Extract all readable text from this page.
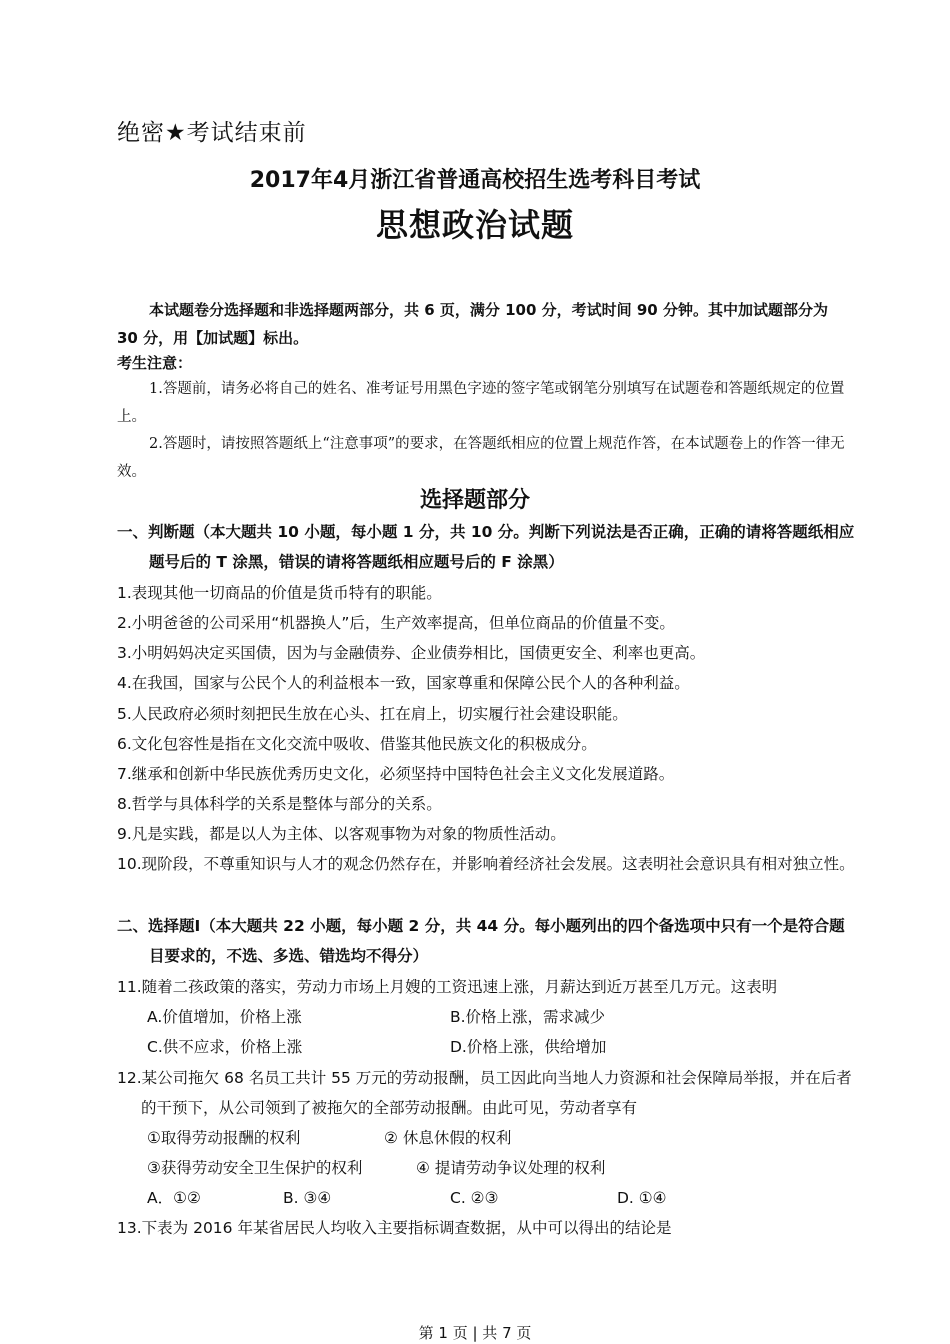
绝密★考试结束前
2017年4月浙江省普通高校招生选考科目考试
思想政治试题
本试题卷分选择题和非选择题两部分，共 6 页，满分 100 分，考试时间 90 分钟。其中加试题部分为 30 分，用【加试题】标出。
考生注意：
1.答题前，请务必将自己的姓名、准考证号用黑色字迹的签字笔或钢笔分别填写在试题卷和答题纸规定的位置上。
2.答题时，请按照答题纸上“注意事项”的要求，在答题纸相应的位置上规范作答，在本试题卷上的作答一律无效。
选择题部分
一、判断题（本大题共 10 小题，每小题 1 分，共 10 分。判断下列说法是否正确，正确的请将答题纸相应题号后的 T 涂黑，错误的请将答题纸相应题号后的 F 涂黑）
1.表现其他一切商品的价值是货币特有的职能。
2.小明爸爸的公司采用“机器换人”后，生产效率提高，但单位商品的价值量不变。
3.小明妈妈决定买国债，因为与金融债券、企业债券相比，国债更安全、利率也更高。
4.在我国，国家与公民个人的利益根本一致，国家尊重和保障公民个人的各种利益。
5.人民政府必须时刻把民生放在心头、扛在肩上，切实履行社会建设职能。
6.文化包容性是指在文化交流中吸收、借鉴其他民族文化的积极成分。
7.继承和创新中华民族优秀历史文化，必须坚持中国特色社会主义文化发展道路。
8.哲学与具体科学的关系是整体与部分的关系。
9.凡是实践，都是以人为主体、以客观事物为对象的物质性活动。
10.现阶段，不尊重知识与人才的观念仍然存在，并影响着经济社会发展。这表明社会意识具有相对独立性。
二、选择题Ⅰ（本大题共 22 小题，每小题 2 分，共 44 分。每小题列出的四个备选项中只有一个是符合题目要求的，不选、多选、错选均不得分）
11.随着二孩政策的落实，劳动力市场上月嫂的工资迅速上涨，月薪达到近万甚至几万元。这表明
A.价值增加，价格上涨	B.价格上涨，需求减少
C.供不应求，价格上涨	D.价格上涨，供给增加
12.某公司拖欠 68 名员工共计 55 万元的劳动报酬，员工因此向当地人力资源和社会保障局举报，并在后者的干预下，从公司领到了被拖欠的全部劳动报酬。由此可见，劳动者享有
①取得劳动报酬的权利	② 休息休假的权利
③获得劳动安全卫生保护的权利	④ 提请劳动争议处理的权利
A．①②	B. ③④	C. ②③	D. ①④
13.下表为 2016 年某省居民人均收入主要指标调查数据，从中可以得出的结论是
第 1 页 | 共 7 页
